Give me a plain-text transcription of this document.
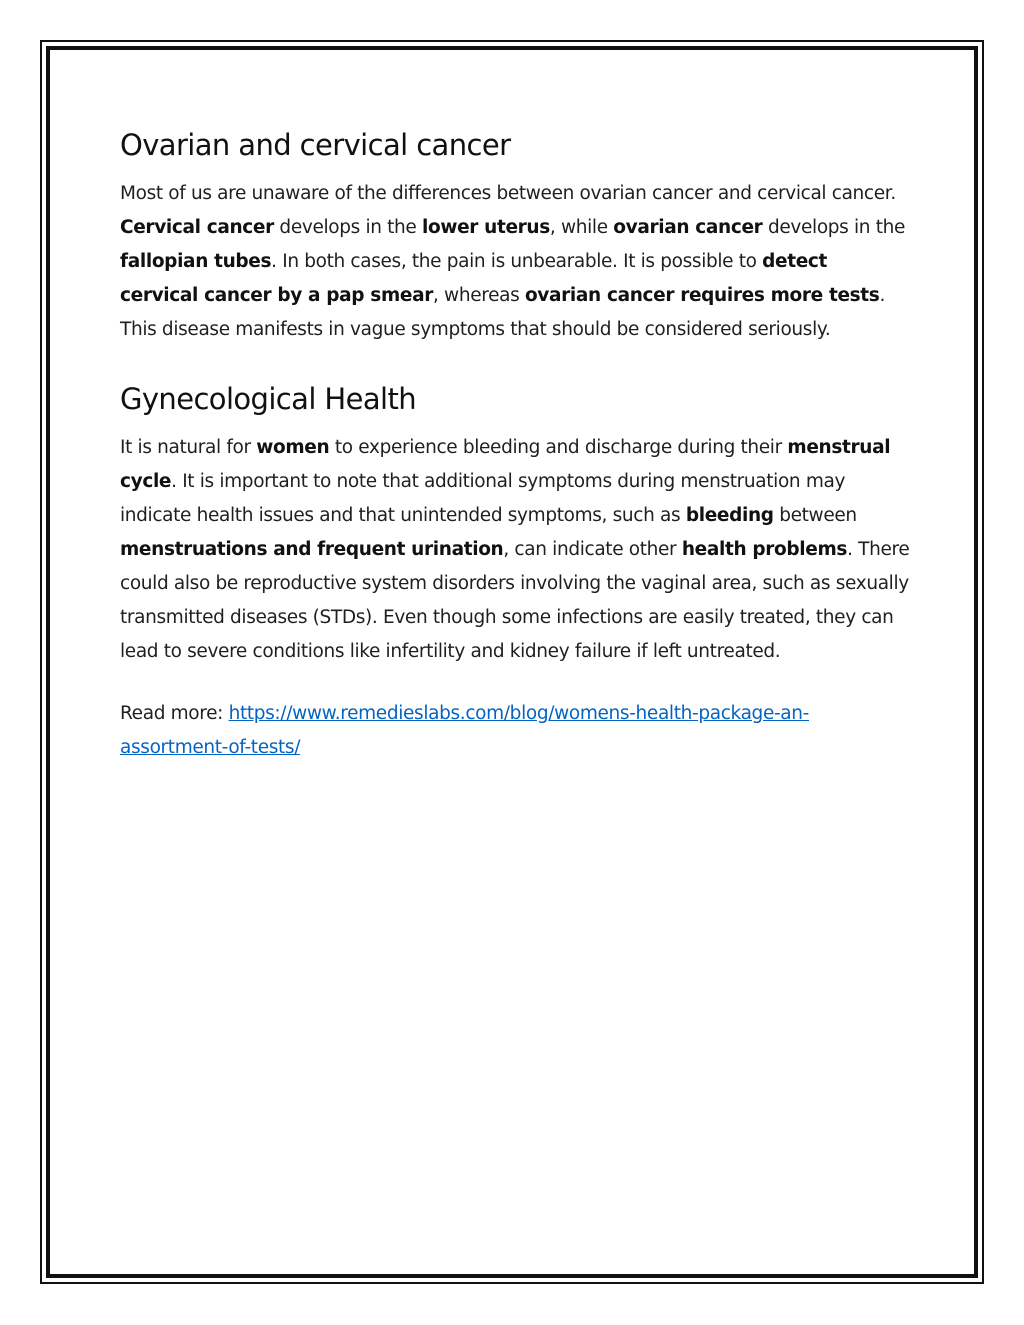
Ovarian and cervical cancer

Most of us are unaware of the differences between ovarian cancer and cervical cancer. Cervical cancer develops in the lower uterus, while ovarian cancer develops in the fallopian tubes. In both cases, the pain is unbearable. It is possible to detect cervical cancer by a pap smear, whereas ovarian cancer requires more tests. This disease manifests in vague symptoms that should be considered seriously.

Gynecological Health

It is natural for women to experience bleeding and discharge during their menstrual cycle. It is important to note that additional symptoms during menstruation may indicate health issues and that unintended symptoms, such as bleeding between menstruations and frequent urination, can indicate other health problems. There could also be reproductive system disorders involving the vaginal area, such as sexually transmitted diseases (STDs). Even though some infections are easily treated, they can lead to severe conditions like infertility and kidney failure if left untreated.

Read more: https://www.remedieslabs.com/blog/womens-health-package-an-assortment-of-tests/
